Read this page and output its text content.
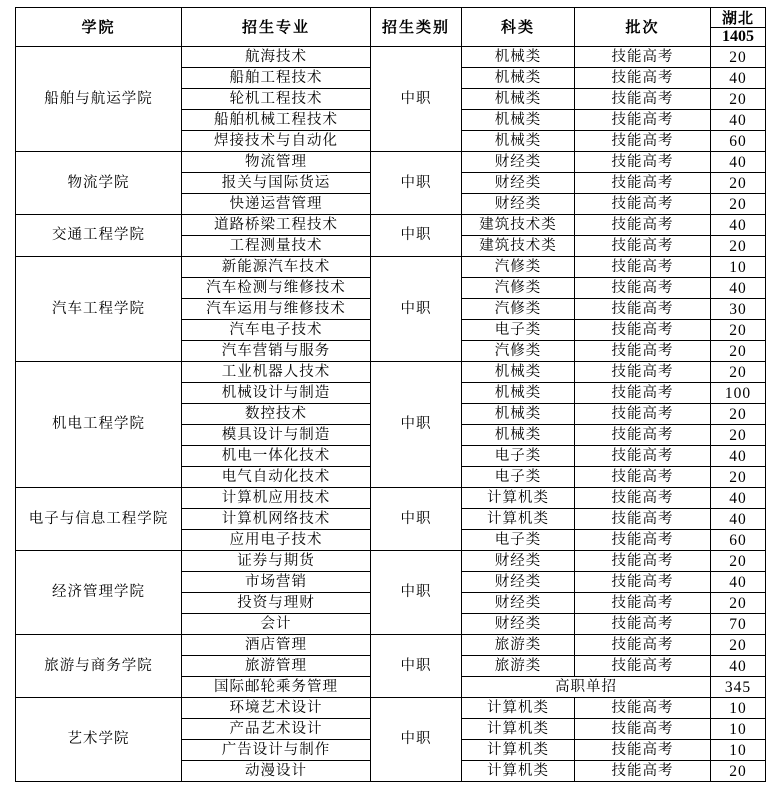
学院	招生专业	招生类别	科类	批次	湖北
1405

船舶与航运学院	航海技术	中职	机械类	技能高考	20
	船舶工程技术		机械类	技能高考	40
	轮机工程技术		机械类	技能高考	20
	船舶机械工程技术		机械类	技能高考	40
	焊接技术与自动化		机械类	技能高考	60
物流学院	物流管理	中职	财经类	技能高考	40
	报关与国际货运		财经类	技能高考	20
	快递运营管理		财经类	技能高考	20
交通工程学院	道路桥梁工程技术	中职	建筑技术类	技能高考	40
	工程测量技术		建筑技术类	技能高考	20
汽车工程学院	新能源汽车技术	中职	汽修类	技能高考	10
	汽车检测与维修技术		汽修类	技能高考	40
	汽车运用与维修技术		汽修类	技能高考	30
	汽车电子技术		电子类	技能高考	20
	汽车营销与服务		汽修类	技能高考	20
机电工程学院	工业机器人技术	中职	机械类	技能高考	20
	机械设计与制造		机械类	技能高考	100
	数控技术		机械类	技能高考	20
	模具设计与制造		机械类	技能高考	20
	机电一体化技术		电子类	技能高考	40
	电气自动化技术		电子类	技能高考	20
电子与信息工程学院	计算机应用技术	中职	计算机类	技能高考	40
	计算机网络技术		计算机类	技能高考	40
	应用电子技术		电子类	技能高考	60
经济管理学院	证券与期货	中职	财经类	技能高考	20
	市场营销		财经类	技能高考	40
	投资与理财		财经类	技能高考	20
	会计		财经类	技能高考	70
旅游与商务学院	酒店管理	中职	旅游类	技能高考	20
	旅游管理		旅游类	技能高考	40
	国际邮轮乘务管理		高职单招		345
艺术学院	环境艺术设计	中职	计算机类	技能高考	10
	产品艺术设计		计算机类	技能高考	10
	广告设计与制作		计算机类	技能高考	10
	动漫设计		计算机类	技能高考	20
